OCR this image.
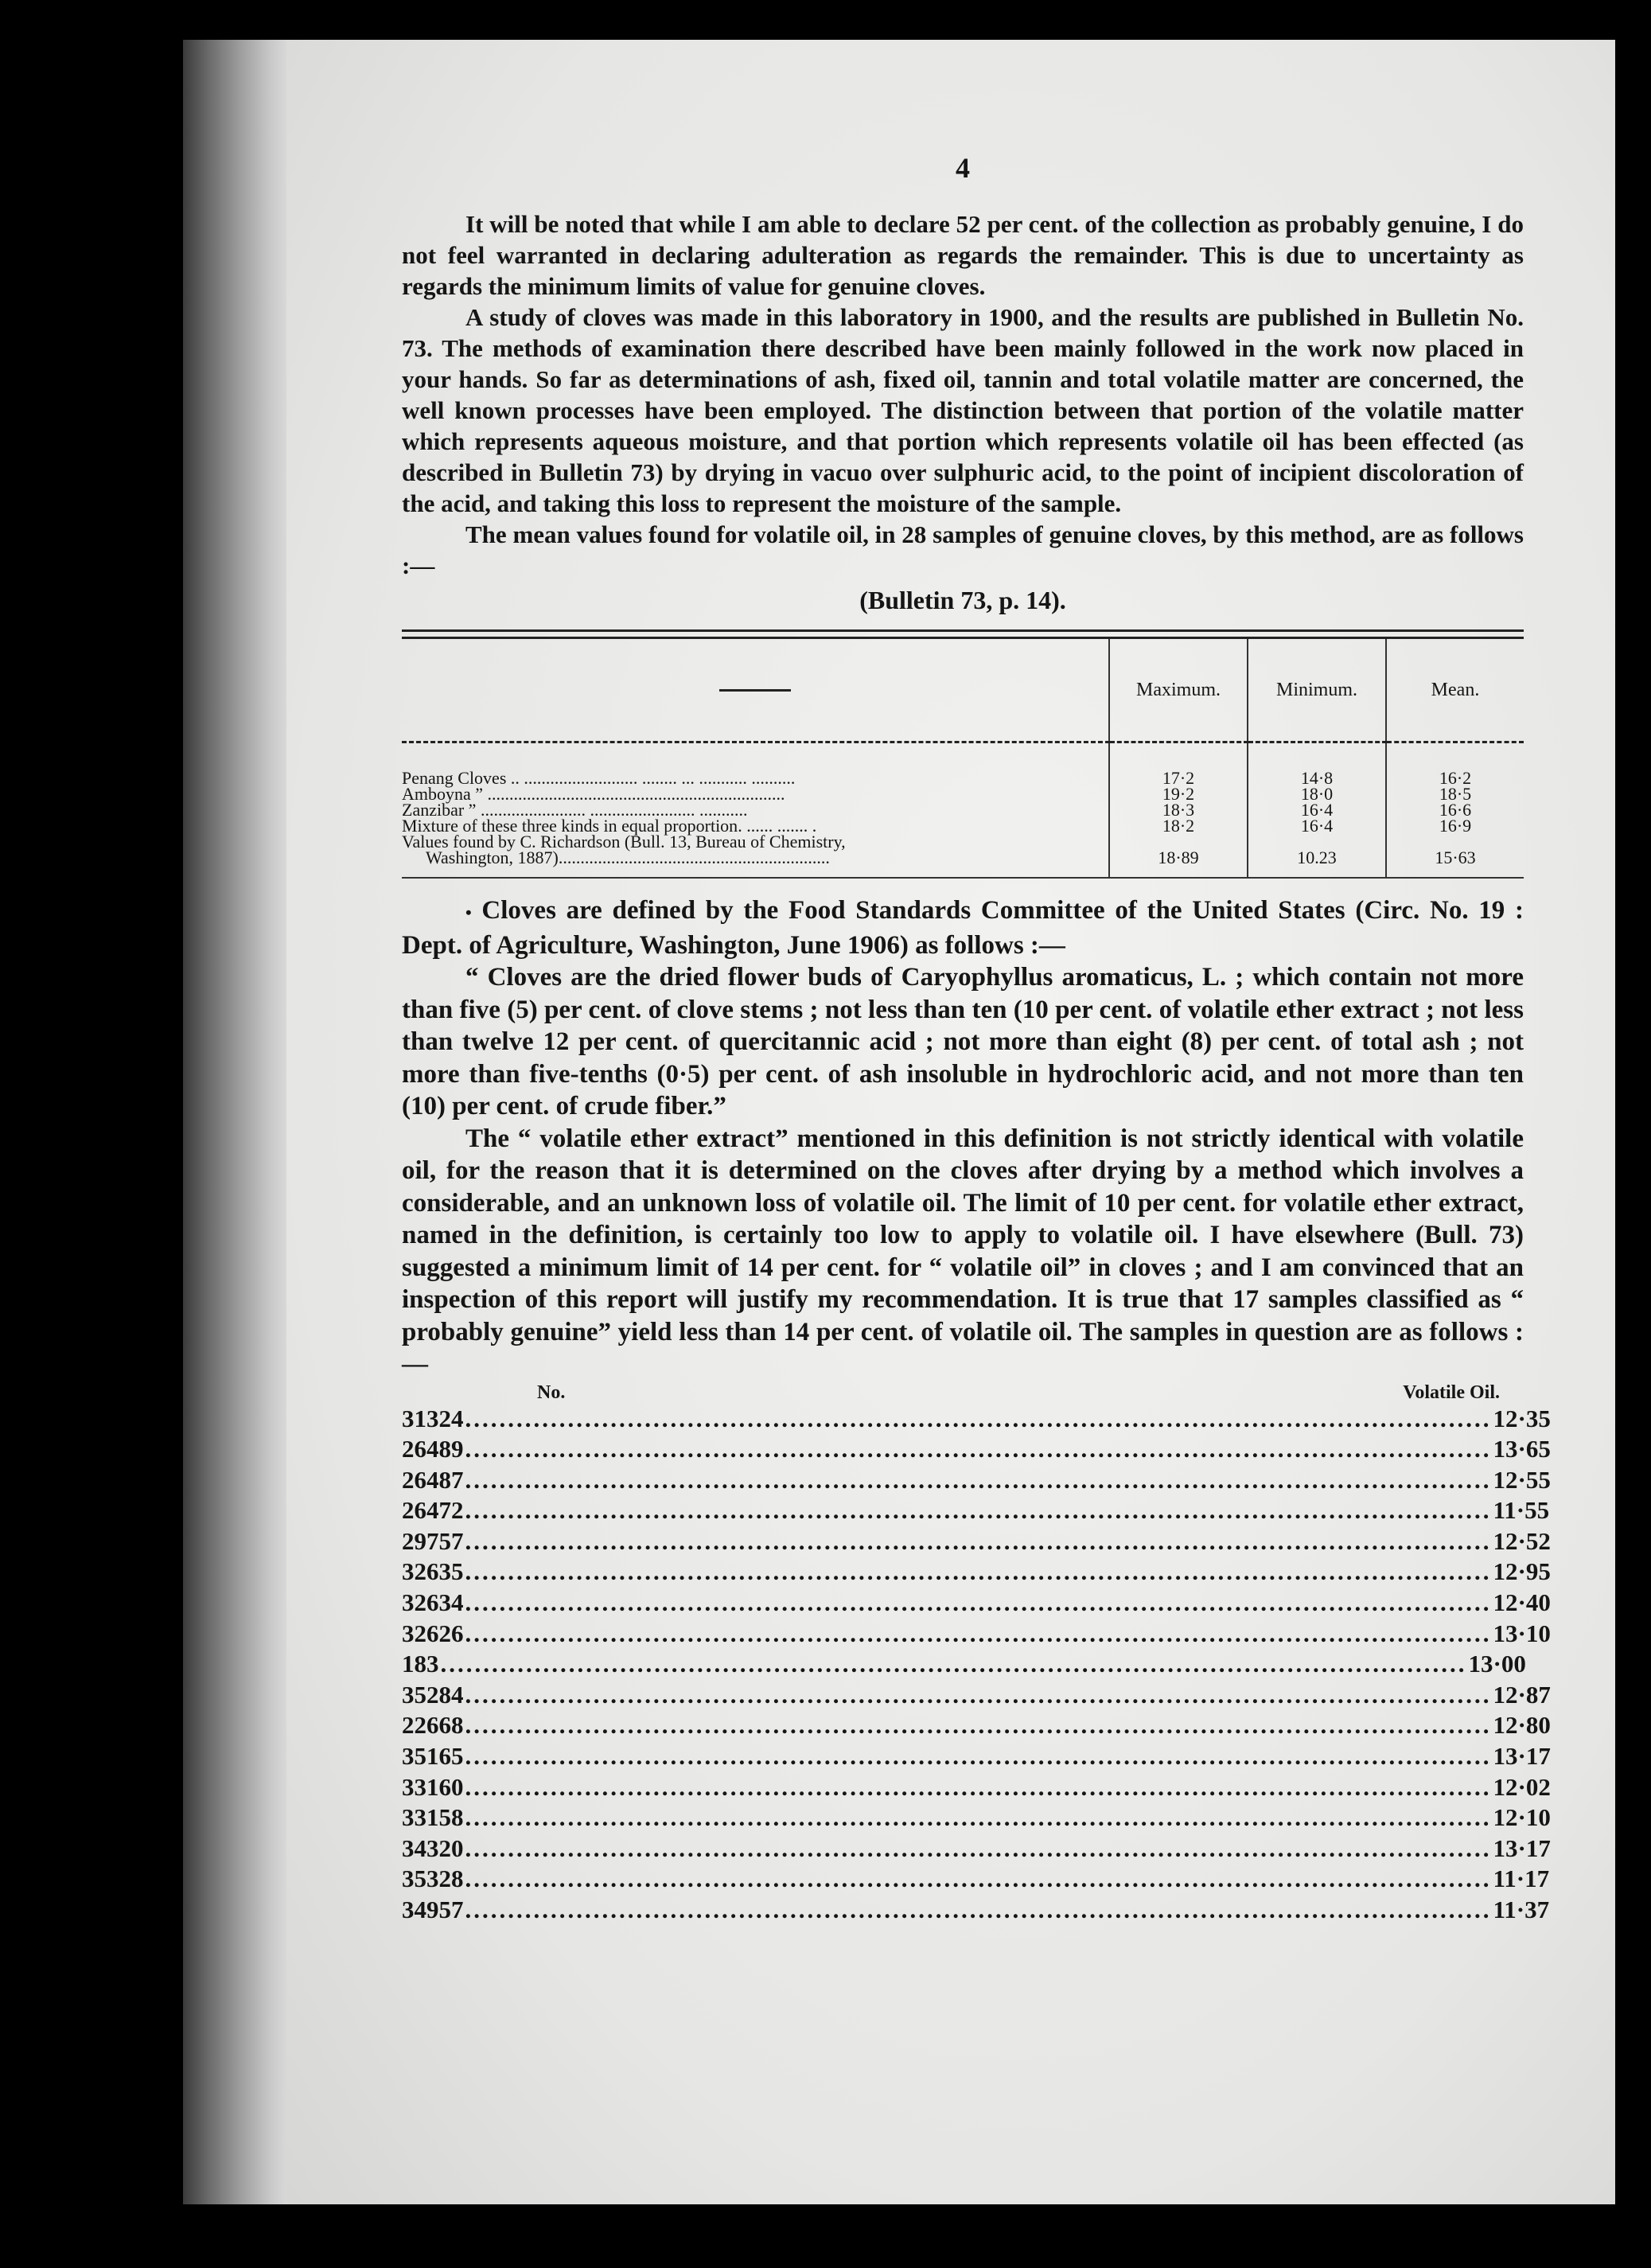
4

It will be noted that while I am able to declare 52 per cent. of the collection as probably genuine, I do not feel warranted in declaring adulteration as regards the remainder. This is due to uncertainty as regards the minimum limits of value for genuine cloves.

A study of cloves was made in this laboratory in 1900, and the results are published in Bulletin No. 73. The methods of examination there described have been mainly followed in the work now placed in your hands. So far as determinations of ash, fixed oil, tannin and total volatile matter are concerned, the well known processes have been employed. The distinction between that portion of the volatile matter which represents aqueous moisture, and that portion which represents volatile oil has been effected (as described in Bulletin 73) by drying in vacuo over sulphuric acid, to the point of incipient discoloration of the acid, and taking this loss to represent the moisture of the sample.

The mean values found for volatile oil, in 28 samples of genuine cloves, by this method, are as follows :—

(Bulletin 73, p. 14).
	Maximum.	Minimum.	Mean.

Penang Cloves .. .......................... ........ ... ........... ..........	17·2	14·8	16·2
Amboyna ” ....................................................................	19·2	18·0	18·5
Zanzibar ” ........................ ........................ ...........	18·3	16·4	16·6
Mixture of these three kinds in equal proportion. ...... ....... .	18·2	16·4	16·9

Values found by C. Richardson (Bull. 13, Bureau of Chemistry,
Washington, 1887)..............................................................	18·89	10.23	15·63

• Cloves are defined by the Food Standards Committee of the United States (Circ. No. 19 : Dept. of Agriculture, Washington, June 1906) as follows :—

“ Cloves are the dried flower buds of Caryophyllus aromaticus, L. ; which contain not more than five (5) per cent. of clove stems ; not less than ten (10 per cent. of volatile ether extract ; not less than twelve 12 per cent. of quercitannic acid ; not more than eight (8) per cent. of total ash ; not more than five-tenths (0·5) per cent. of ash insoluble in hydrochloric acid, and not more than ten (10) per cent. of crude fiber.”

The “ volatile ether extract” mentioned in this definition is not strictly identical with volatile oil, for the reason that it is determined on the cloves after drying by a method which involves a considerable, and an unknown loss of volatile oil. The limit of 10 per cent. for volatile ether extract, named in the definition, is certainly too low to apply to volatile oil. I have elsewhere (Bull. 73) suggested a minimum limit of 14 per cent. for “ volatile oil” in cloves ; and I am convinced that an inspection of this report will justify my recommendation. It is true that 17 samples classified as “ probably genuine” yield less than 14 per cent. of volatile oil. The samples in question are as follows :—

No.	Volatile Oil.
31324 ........................................................................................................................ 12·35
26489 ........................................................................................................................ 13·65
26487 ........................................................................................................................ 12·55
26472 ........................................................................................................................ 11·55
29757 ........................................................................................................................ 12·52
32635 ........................................................................................................................ 12·95
32634 ........................................................................................................................ 12·40
32626 ........................................................................................................................ 13·10
183 ........................................................................................................................ 13·00
35284 ........................................................................................................................ 12·87
22668 ........................................................................................................................ 12·80
35165 ........................................................................................................................ 13·17
33160 ........................................................................................................................ 12·02
33158 ........................................................................................................................ 12·10
34320 ........................................................................................................................ 13·17
35328 ........................................................................................................................ 11·17
34957 ........................................................................................................................ 11·37
